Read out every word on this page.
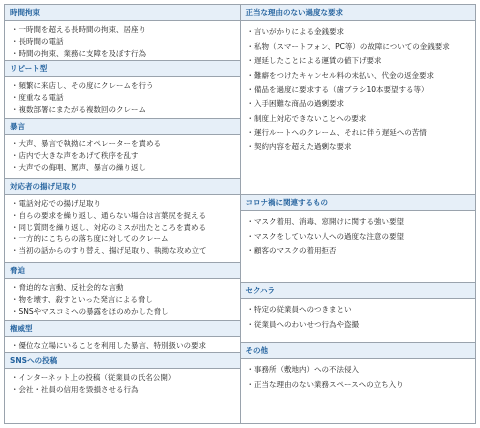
時間拘束
・一時間を超える長時間の拘束、居座り
・長時間の電話
・時間の拘束、業務に支障を及ぼす行為
リピート型
・頻繁に来店し、その度にクレームを行う
・度重なる電話
・複数部署にまたがる複数回のクレーム
暴言
・大声、暴言で執拗にオペレーターを責める
・店内で大きな声をあげて秩序を乱す
・大声での侮唱、罵声、暴言の繰り返し
対応者の揚げ足取り
・電話対応での揚げ足取り
・自らの要求を繰り返し、通らない場合は言葉尻を捉える
・同じ質問を繰り返し、対応のミスが出たところを責める
・一方的にこちらの落ち度に対してのクレーム
・当初の話からのすり替え、揚げ足取り、執拗な攻め立て
脅迫
・脅迫的な言動、反社会的な言動
・物を壊す、殺すといった発言による脅し
・SNSやマスコミへの暴露をほのめかした脅し
権威型
・優位な立場にいることを利用した暴言、特別扱いの要求
SNSへの投稿
・インターネット上の投稿（従業員の氏名公開）
・会社・社員の信用を毀損させる行為
正当な理由のない過度な要求
・言いがかりによる金銭要求
・私物（スマートフォン、PC等）の故障についての金銭要求
・遅延したことによる運賃の値下げ要求
・難癖をつけたキャンセル料の未払い、代金の返金要求
・備品を過度に要求する（歯ブラシ10本要望する等）
・入手困難な商品の過剰要求
・制度上対応できないことへの要求
・運行ルートへのクレーム、それに伴う遅延への苦情
・契約内容を超えた過剰な要求
コロナ禍に関連するもの
・マスク着用、消毒、窓開けに関する強い要望
・マスクをしていない人への過度な注意の要望
・顧客のマスクの着用拒否
セクハラ
・特定の従業員へのつきまとい
・従業員へのわいせつ行為や盗撮
その他
・事務所（敷地内）への不法侵入
・正当な理由のない業務スペースへの立ち入り
